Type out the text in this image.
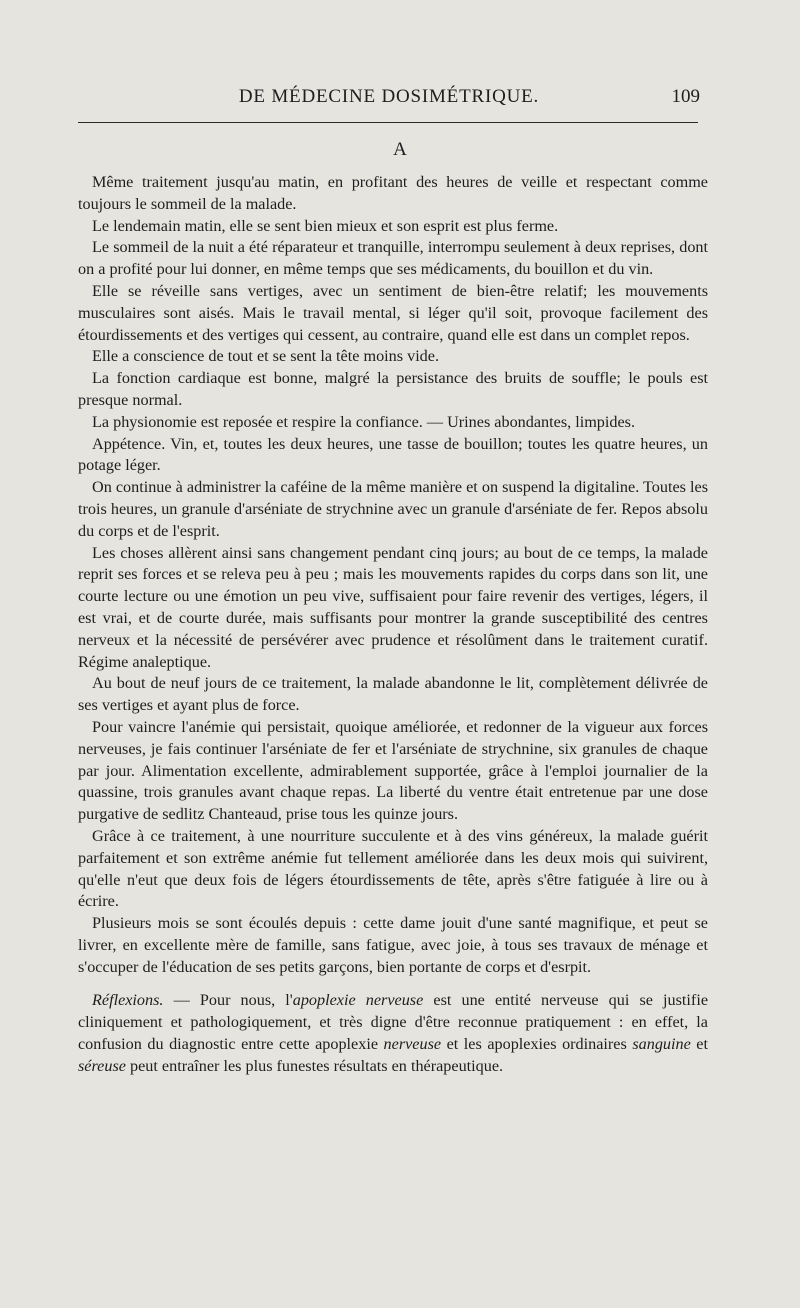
DE MÉDECINE DOSIMÉTRIQUE.	109
A

Même traitement jusqu'au matin, en profitant des heures de veille et respectant comme toujours le sommeil de la malade.

Le lendemain matin, elle se sent bien mieux et son esprit est plus ferme.

Le sommeil de la nuit a été réparateur et tranquille, interrompu seulement à deux reprises, dont on a profité pour lui donner, en même temps que ses médicaments, du bouillon et du vin.

Elle se réveille sans vertiges, avec un sentiment de bien-être relatif; les mouvements musculaires sont aisés. Mais le travail mental, si léger qu'il soit, provoque facilement des étourdissements et des vertiges qui cessent, au contraire, quand elle est dans un complet repos.

Elle a conscience de tout et se sent la tête moins vide.

La fonction cardiaque est bonne, malgré la persistance des bruits de souffle; le pouls est presque normal.

La physionomie est reposée et respire la confiance. — Urines abondantes, limpides.

Appétence. Vin, et, toutes les deux heures, une tasse de bouillon; toutes les quatre heures, un potage léger.

On continue à administrer la caféine de la même manière et on suspend la digitaline. Toutes les trois heures, un granule d'arséniate de strychnine avec un granule d'arséniate de fer. Repos absolu du corps et de l'esprit.

Les choses allèrent ainsi sans changement pendant cinq jours; au bout de ce temps, la malade reprit ses forces et se releva peu à peu ; mais les mouvements rapides du corps dans son lit, une courte lecture ou une émotion un peu vive, suffisaient pour faire revenir des vertiges, légers, il est vrai, et de courte durée, mais suffisants pour montrer la grande susceptibilité des centres nerveux et la nécessité de persévérer avec prudence et résolûment dans le traitement curatif. Régime analeptique.

Au bout de neuf jours de ce traitement, la malade abandonne le lit, complètement délivrée de ses vertiges et ayant plus de force.

Pour vaincre l'anémie qui persistait, quoique améliorée, et redonner de la vigueur aux forces nerveuses, je fais continuer l'arséniate de fer et l'arséniate de strychnine, six granules de chaque par jour. Alimentation excellente, admirablement supportée, grâce à l'emploi journalier de la quassine, trois granules avant chaque repas. La liberté du ventre était entretenue par une dose purgative de sedlitz Chanteaud, prise tous les quinze jours.

Grâce à ce traitement, à une nourriture succulente et à des vins généreux, la malade guérit parfaitement et son extrême anémie fut tellement améliorée dans les deux mois qui suivirent, qu'elle n'eut que deux fois de légers étourdissements de tête, après s'être fatiguée à lire ou à écrire.

Plusieurs mois se sont écoulés depuis : cette dame jouit d'une santé magnifique, et peut se livrer, en excellente mère de famille, sans fatigue, avec joie, à tous ses travaux de ménage et s'occuper de l'éducation de ses petits garçons, bien portante de corps et d'esrpit.

Réflexions. — Pour nous, l'apoplexie nerveuse est une entité nerveuse qui se justifie cliniquement et pathologiquement, et très digne d'être reconnue pratiquement : en effet, la confusion du diagnostic entre cette apoplexie nerveuse et les apoplexies ordinaires sanguine et séreuse peut entraîner les plus funestes résultats en thérapeutique.
